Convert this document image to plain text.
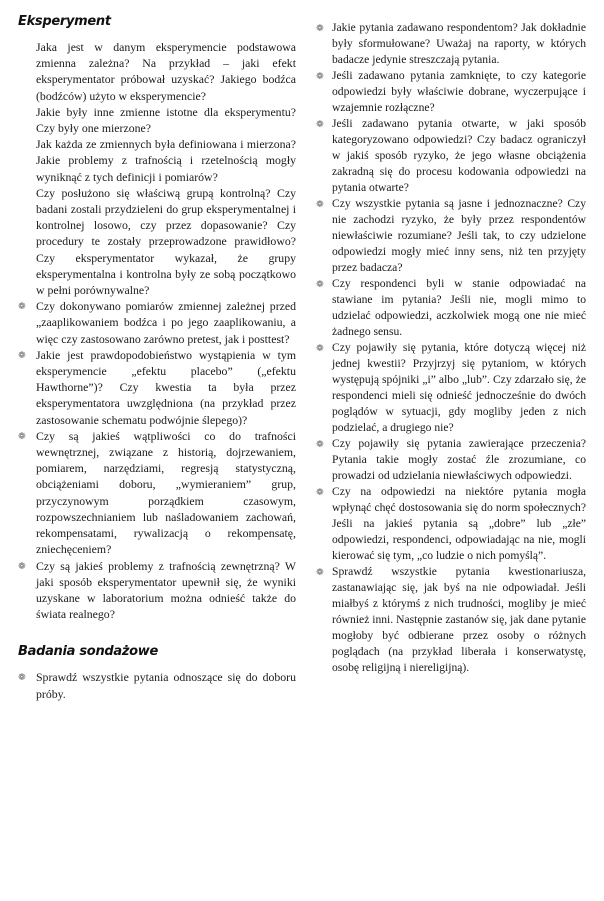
Eksperyment
Jaka jest w danym eksperymencie podstawowa zmienna zależna? Na przykład – jaki efekt eksperymentator próbował uzyskać? Jakiego bodźca (bodźców) użyto w eksperymencie?
Jakie były inne zmienne istotne dla eksperymentu? Czy były one mierzone?
Jak każda ze zmiennych była definiowana i mierzona? Jakie problemy z trafnością i rzetelnością mogły wyniknąć z tych definicji i pomiarów?
Czy posłużono się właściwą grupą kontrolną? Czy badani zostali przydzieleni do grup eksperymentalnej i kontrolnej losowo, czy przez dopasowanie? Czy procedury te zostały przeprowadzone prawidłowo? Czy eksperymentator wykazał, że grupy eksperymentalna i kontrolna były ze sobą początkowo w pełni porównywalne?
❁ Czy dokonywano pomiarów zmiennej zależnej przed „zaaplikowaniem bodźca i po jego zaaplikowaniu, a więc czy zastosowano zarówno pretest, jak i posttest?
❁ Jakie jest prawdopodobieństwo wystąpienia w tym eksperymencie „efektu placebo” („efektu Hawthorne”)? Czy kwestia ta była przez eksperymentatora uwzględniona (na przykład przez zastosowanie schematu podwójnie ślepego)?
❁ Czy są jakieś wątpliwości co do trafności wewnętrznej, związane z historią, dojrzewaniem, pomiarem, narzędziami, regresją statystyczną, obciążeniami doboru, „wymieraniem” grup, przyczynowym porządkiem czasowym, rozpowszechnianiem lub naśladowaniem zachowań, rekompensatami, rywalizacją o rekompensatę, zniechęceniem?
❁ Czy są jakieś problemy z trafnością zewnętrzną? W jaki sposób eksperymentator upewnił się, że wyniki uzyskane w laboratorium można odnieść także do świata realnego?
Badania sondażowe
❁ Sprawdź wszystkie pytania odnoszące się do doboru próby.
❁ Jakie pytania zadawano respondentom? Jak dokładnie były sformułowane? Uważaj na raporty, w których badacze jedynie streszczają pytania.
❁ Jeśli zadawano pytania zamknięte, to czy kategorie odpowiedzi były właściwie dobrane, wyczerpujące i wzajemnie rozłączne?
❁ Jeśli zadawano pytania otwarte, w jaki sposób kategoryzowano odpowiedzi? Czy badacz ograniczył w jakiś sposób ryzyko, że jego własne obciążenia zakradną się do procesu kodowania odpowiedzi na pytania otwarte?
❁ Czy wszystkie pytania są jasne i jednoznaczne? Czy nie zachodzi ryzyko, że były przez respondentów niewłaściwie rozumiane? Jeśli tak, to czy udzielone odpowiedzi mogły mieć inny sens, niż ten przyjęty przez badacza?
❁ Czy respondenci byli w stanie odpowiadać na stawiane im pytania? Jeśli nie, mogli mimo to udzielać odpowiedzi, aczkolwiek mogą one nie mieć żadnego sensu.
❁ Czy pojawiły się pytania, które dotyczą więcej niż jednej kwestii? Przyjrzyj się pytaniom, w których występują spójniki „i” albo „lub”. Czy zdarzało się, że respondenci mieli się odnieść jednocześnie do dwóch poglądów w sytuacji, gdy mogliby jeden z nich podzielać, a drugiego nie?
❁ Czy pojawiły się pytania zawierające przeczenia? Pytania takie mogły zostać źle zrozumiane, co prowadzi od udzielania niewłaściwych odpowiedzi.
❁ Czy na odpowiedzi na niektóre pytania mogła wpłynąć chęć dostosowania się do norm społecznych? Jeśli na jakieś pytania są „dobre” lub „złe” odpowiedzi, respondenci, odpowiadając na nie, mogli kierować się tym, „co ludzie o nich pomyślą”.
❁ Sprawdź wszystkie pytania kwestionariusza, zastanawiając się, jak byś na nie odpowiadał. Jeśli miałbyś z którymś z nich trudności, mogliby je mieć również inni. Następnie zastanów się, jak dane pytanie mogłoby być odbierane przez osoby o różnych poglądach (na przykład liberała i konserwatystę, osobę religijną i niereligijną).
